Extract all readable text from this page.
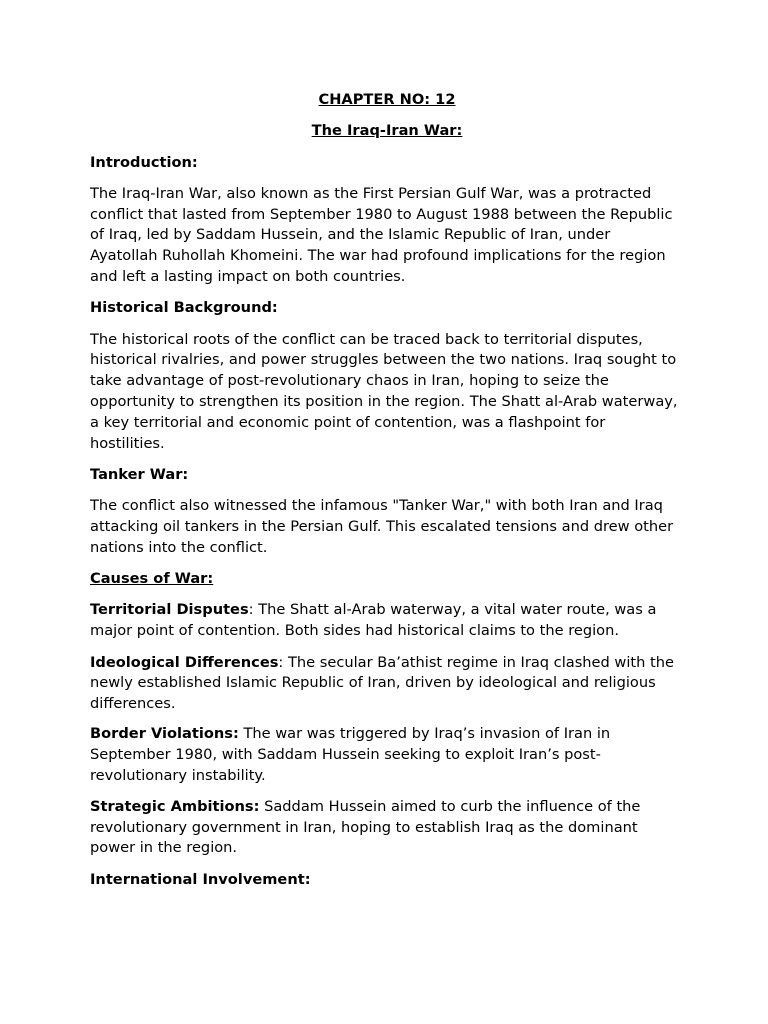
CHAPTER NO: 12

The Iraq-Iran War:

Introduction:

The Iraq-Iran War, also known as the First Persian Gulf War, was a protracted conflict that lasted from September 1980 to August 1988 between the Republic of Iraq, led by Saddam Hussein, and the Islamic Republic of Iran, under Ayatollah Ruhollah Khomeini. The war had profound implications for the region and left a lasting impact on both countries.

Historical Background:

The historical roots of the conflict can be traced back to territorial disputes, historical rivalries, and power struggles between the two nations. Iraq sought to take advantage of post-revolutionary chaos in Iran, hoping to seize the opportunity to strengthen its position in the region. The Shatt al-Arab waterway, a key territorial and economic point of contention, was a flashpoint for hostilities.

Tanker War:

The conflict also witnessed the infamous "Tanker War," with both Iran and Iraq attacking oil tankers in the Persian Gulf. This escalated tensions and drew other nations into the conflict.

Causes of War:

Territorial Disputes: The Shatt al-Arab waterway, a vital water route, was a major point of contention. Both sides had historical claims to the region.

Ideological Differences: The secular Ba’athist regime in Iraq clashed with the newly established Islamic Republic of Iran, driven by ideological and religious differences.

Border Violations: The war was triggered by Iraq’s invasion of Iran in September 1980, with Saddam Hussein seeking to exploit Iran’s post-revolutionary instability.

Strategic Ambitions: Saddam Hussein aimed to curb the influence of the revolutionary government in Iran, hoping to establish Iraq as the dominant power in the region.

International Involvement:
